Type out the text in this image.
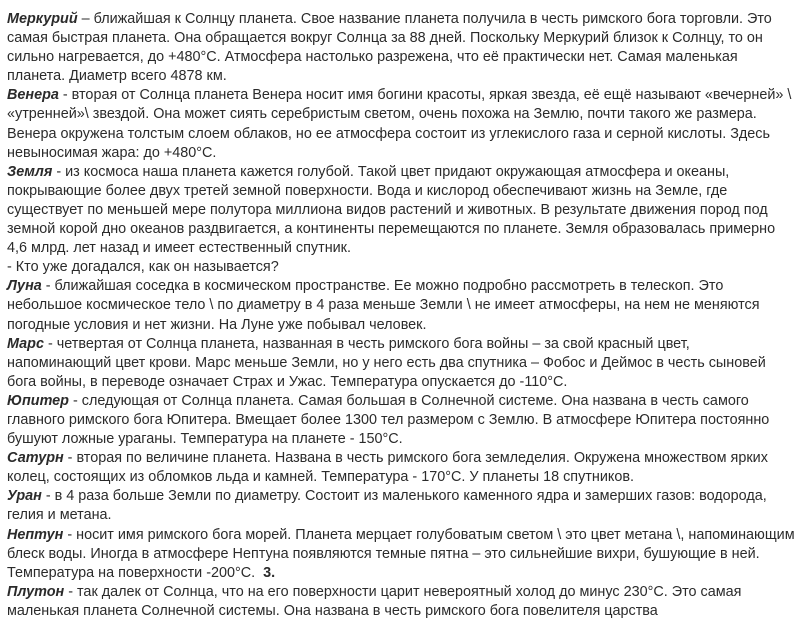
Меркурий – ближайшая к Солнцу планета. Свое название планета получила в честь римского бога торговли. Это самая быстрая планета. Она обращается вокруг Солнца за 88 дней. Поскольку Меркурий близок к Солнцу, то он сильно нагревается, до +480°С. Атмосфера настолько разрежена, что её практически нет. Самая маленькая планета. Диаметр всего 4878 км.

Венера - вторая от Солнца планета Венера носит имя богини красоты, яркая звезда, её ещё называют «вечерней» \ «утренней»\ звездой. Она может сиять серебристым светом, очень похожа на Землю, почти такого же размера. Венера окружена толстым слоем облаков, но ее атмосфера состоит из углекислого газа и серной кислоты. Здесь невыносимая жара: до +480°С.

Земля - из космоса наша планета кажется голубой. Такой цвет придают окружающая атмосфера и океаны, покрывающие более двух третей земной поверхности. Вода и кислород обеспечивают жизнь на Земле, где существует по меньшей мере полутора миллиона видов растений и животных. В результате движения пород под земной корой дно океанов раздвигается, а континенты перемещаются по планете. Земля образовалась примерно 4,6 млрд. лет назад и имеет естественный спутник.

- Кто уже догадался, как он называется?

Луна - ближайшая соседка в космическом пространстве. Ее можно подробно рассмотреть в телескоп. Это небольшое космическое тело \ по диаметру в 4 раза меньше Земли \ не имеет атмосферы, на нем не меняются погодные условия и нет жизни. На Луне уже побывал человек.

Марс - четвертая от Солнца планета, названная в честь римского бога войны – за свой красный цвет, напоминающий цвет крови. Марс меньше Земли, но у него есть два спутника – Фобос и Деймос в честь сыновей бога войны, в переводе означает Страх и Ужас. Температура опускается до -110°С.

Юпитер - следующая от Солнца планета. Самая большая в Солнечной системе. Она названа в честь самого главного римского бога Юпитера. Вмещает более 1300 тел размером с Землю. В атмосфере Юпитера постоянно бушуют ложные ураганы. Температура на планете - 150°С.

Сатурн - вторая по величине планета. Названа в честь римского бога земледелия. Окружена множеством ярких колец, состоящих из обломков льда и камней. Температура - 170°С. У планеты 18 спутников.

Уран - в 4 раза больше Земли по диаметру. Состоит из маленького каменного ядра и замерших газов: водорода, гелия и метана.

Нептун - носит имя римского бога морей. Планета мерцает голубоватым светом \ это цвет метана \, напоминающим блеск воды. Иногда в атмосфере Нептуна появляются темные пятна – это сильнейшие вихри, бушующие в ней. Температура на поверхности -200°С. 3.

Плутон - так далек от Солнца, что на его поверхности царит невероятный холод до минус 230°С. Это самая маленькая планета Солнечной системы. Она названа в честь римского бога повелителя царства
